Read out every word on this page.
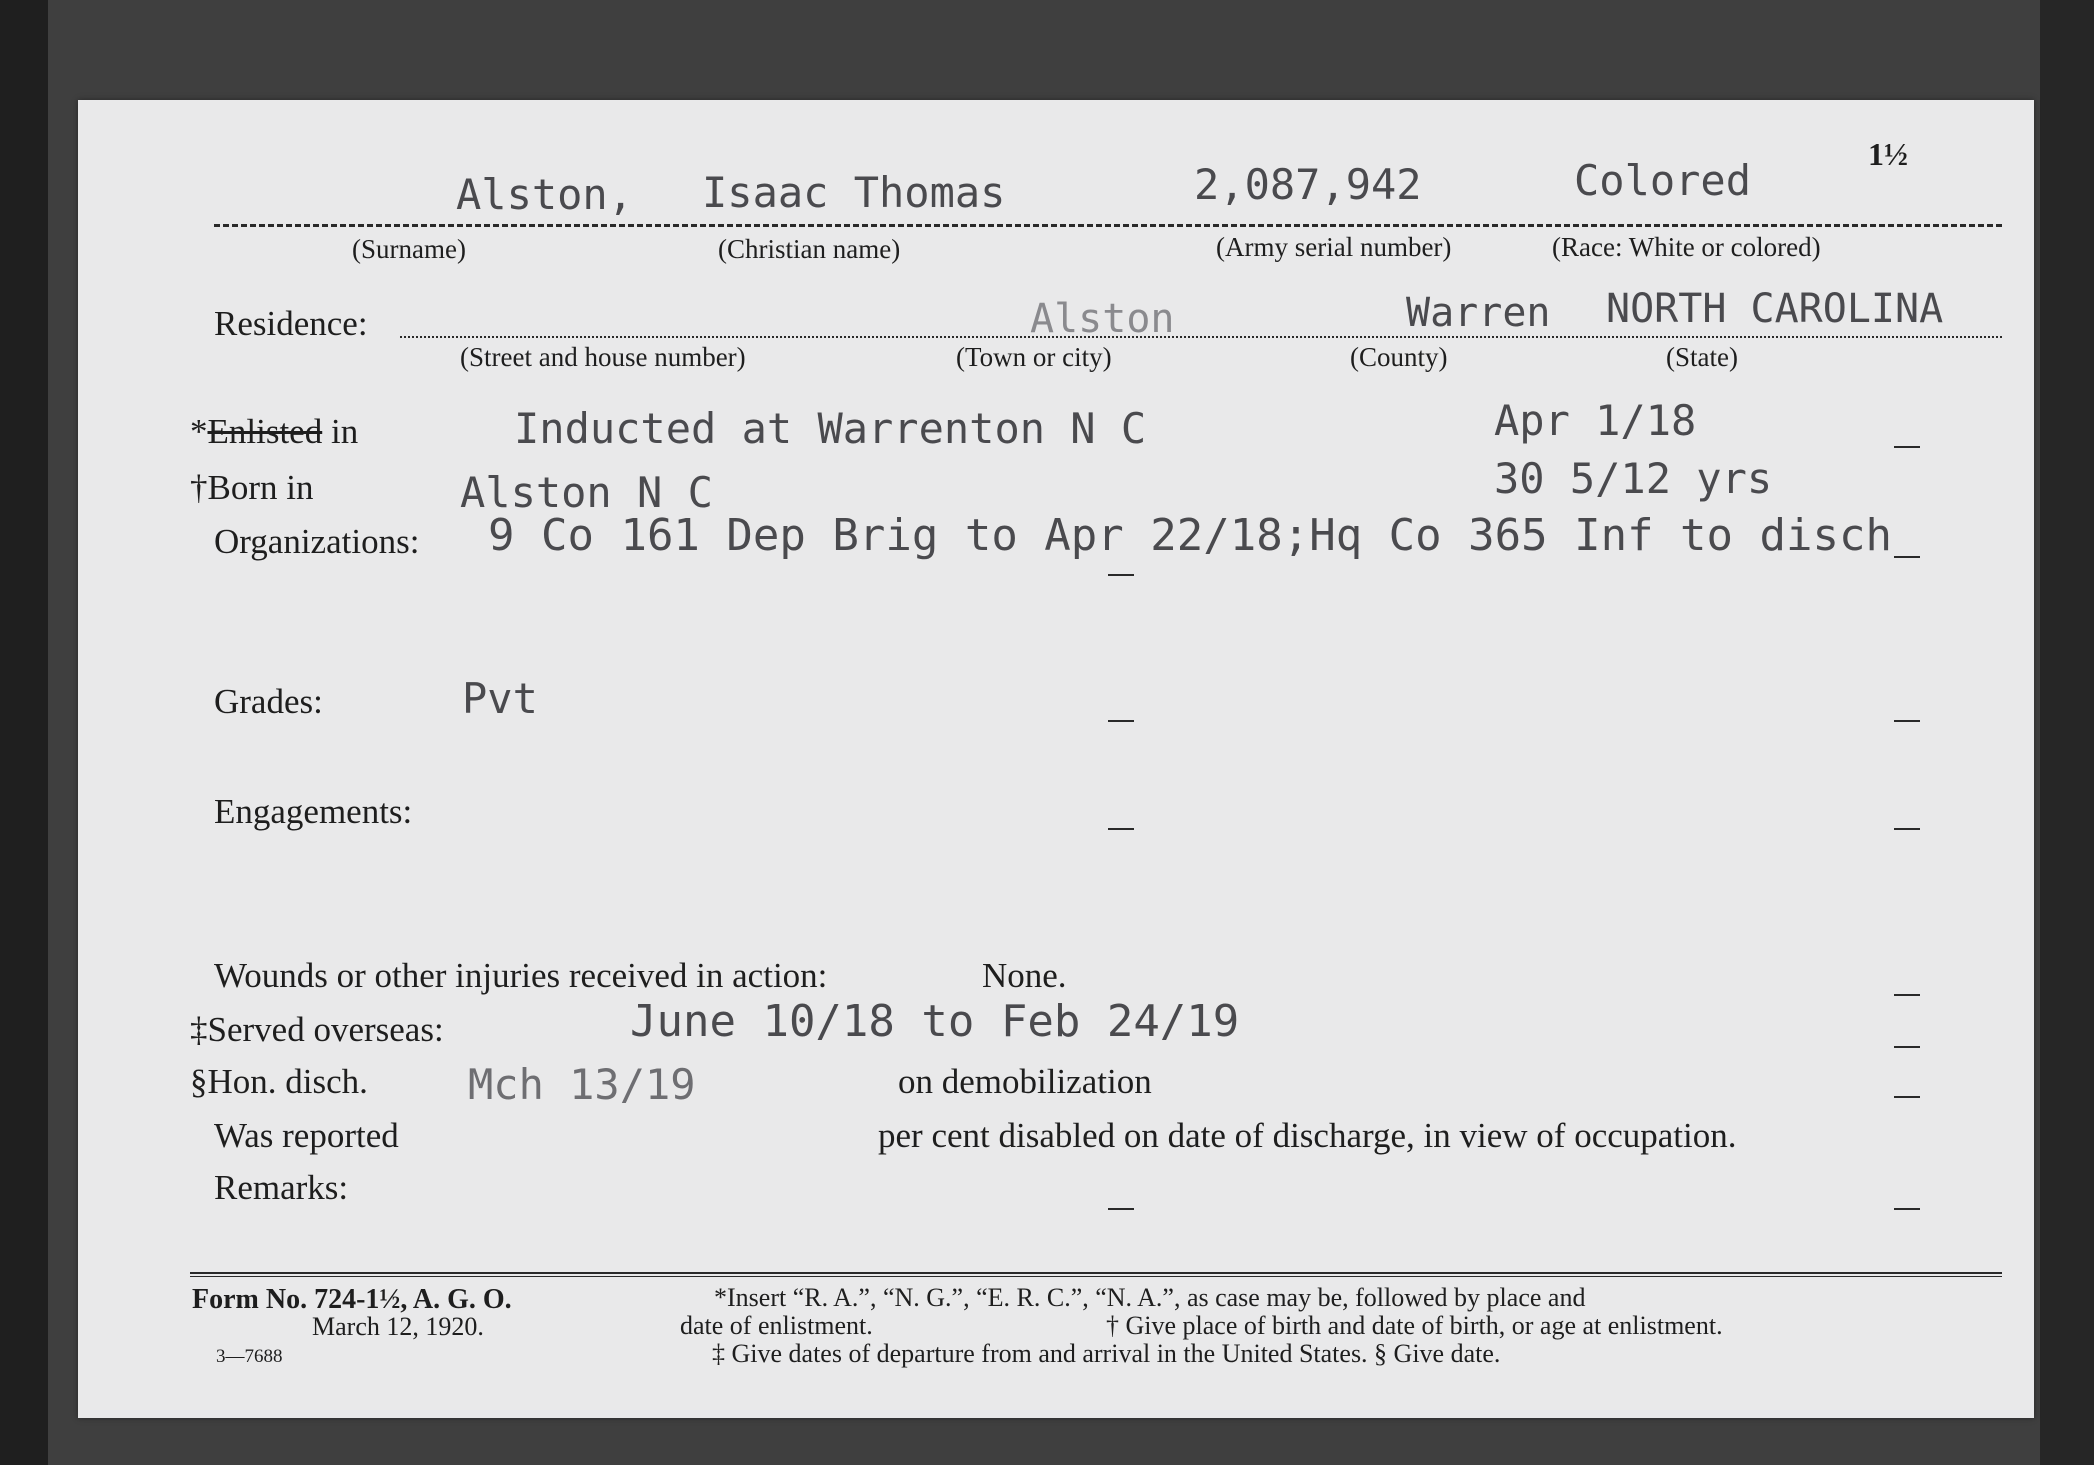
Alston, Isaac Thomas	2,087,942	Colored
1½
(Surname)	(Christian name)	(Army serial number)	(Race: White or colored)
Residence:	Alston	Warren NORTH CAROLINA
(Street and house number)	(Town or city)	(County)	(State)
*Enlisted in	Inducted at Warrenton N C	Apr 1/18
†Born in	Alston N C	30 5/12 yrs
Organizations: 9 Co 161 Dep Brig to Apr 22/18;Hq Co 365 Inf to disch
Grades:	Pvt
Engagements:
Wounds or other injuries received in action:	None.
‡Served overseas:	June 10/18 to Feb 24/19
§Hon. disch. Mch 13/19	on demobilization
Was reported	per cent disabled on date of discharge, in view of occupation.
Remarks:
Form No. 724-1½, A. G. O.
March 12, 1920.
3—7688
*Insert “R. A.”, “N. G.”, “E. R. C.”, “N. A.”, as case may be, followed by place and
date of enlistment.	† Give place of birth and date of birth, or age at enlistment.
‡ Give dates of departure from and arrival in the United States. § Give date.
